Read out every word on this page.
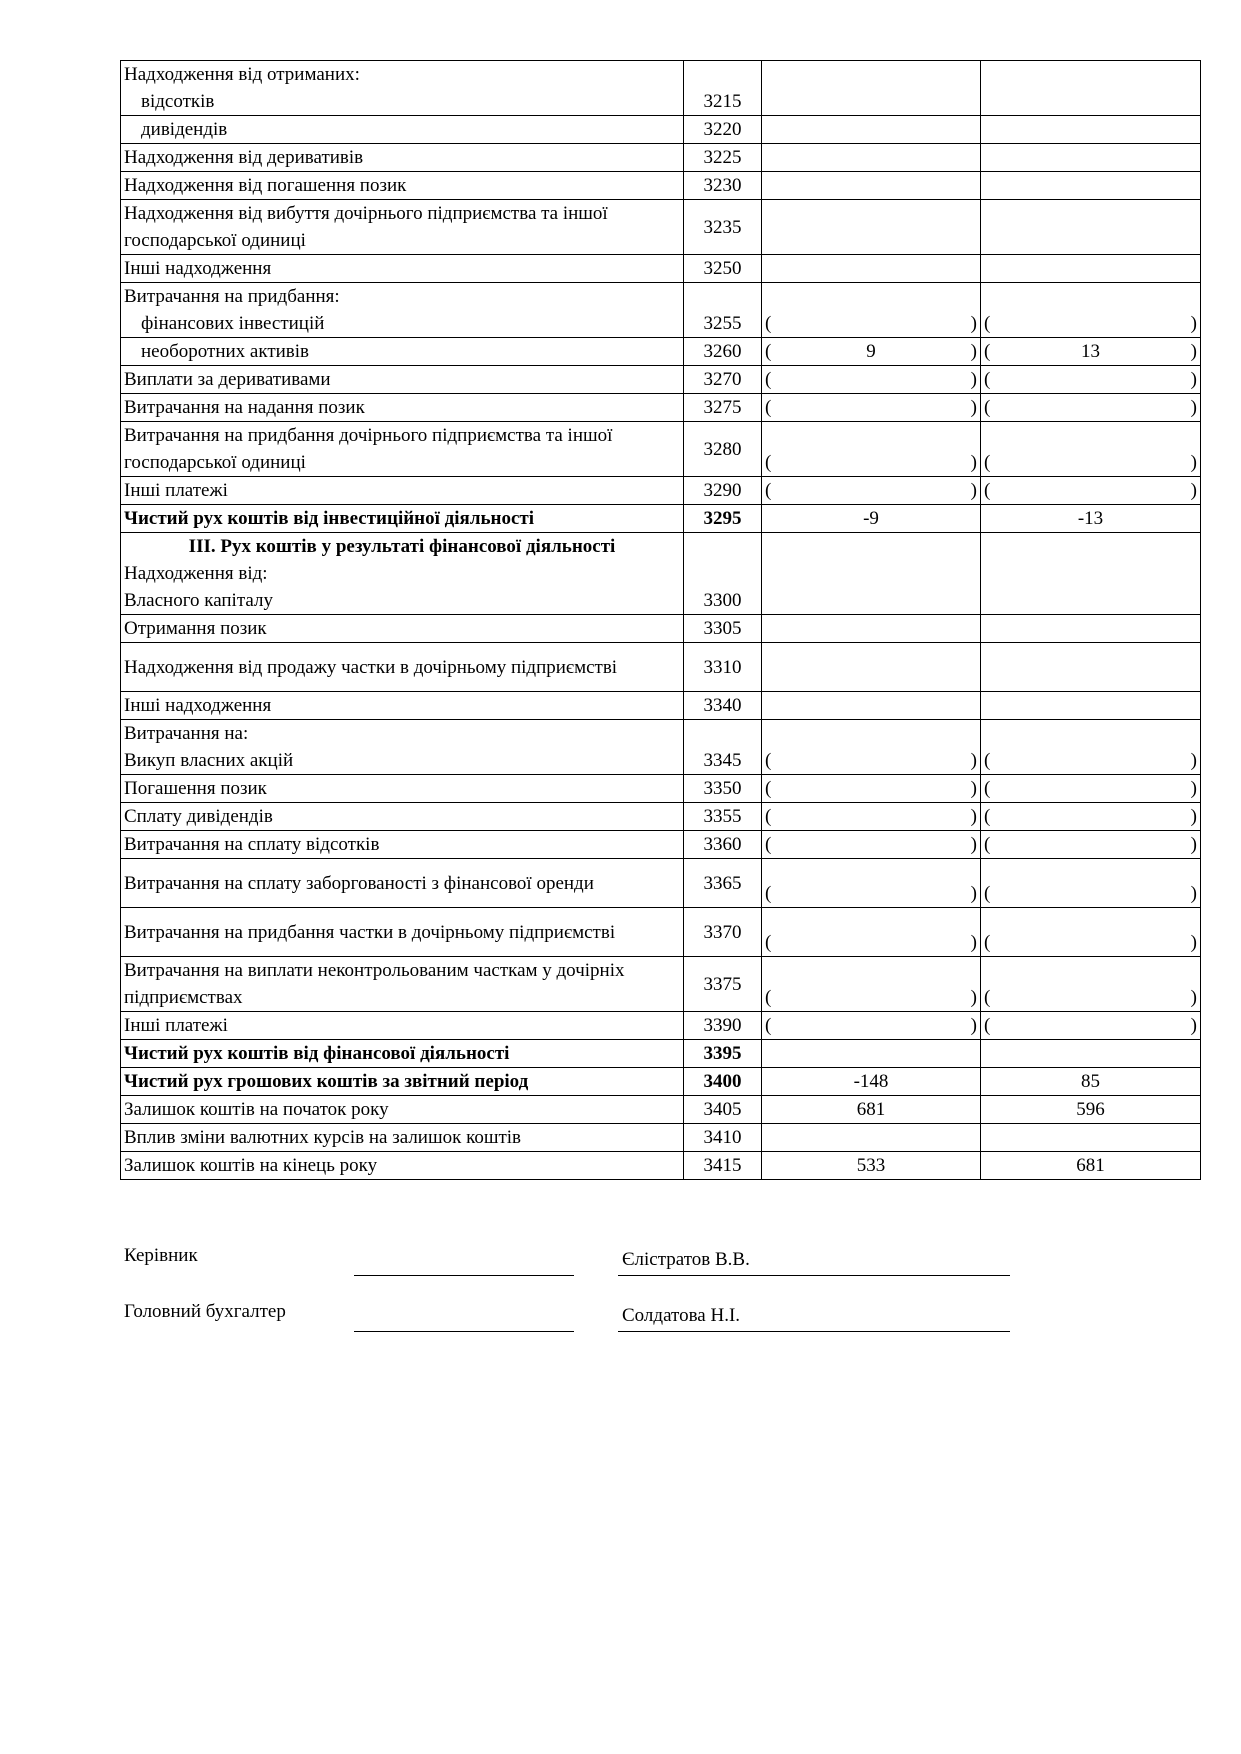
Надходження від отриманих:
відсотків	3215	

дивідендів	3220	

Надходження від деривативів	3225	

Надходження від погашення позик	3230	

Надходження від вибуття дочірнього підприємства та іншої
господарської одиниці	3235	

Інші надходження	3250	

Витрачання на придбання:
фінансових інвестицій	3255	( )	( )

необоротних активів	3260	( 9 )	( 13 )

Виплати за деривативами	3270	( )	( )

Витрачання на надання позик	3275	( )	( )

Витрачання на придбання дочірнього підприємства та іншої
господарської одиниці	3280	( )	( )

Інші платежі	3290	( )	( )

Чистий рух коштів від інвестиційної діяльності	3295	-9	-13

ІІІ. Рух коштів у результаті фінансової діяльності
Надходження від:
Власного капіталу	3300	

Отримання позик	3305	

Надходження від продажу частки в дочірньому підприємстві	3310	

Інші надходження	3340	

Витрачання на:
Викуп власних акцій	3345	( )	( )

Погашення позик	3350	( )	( )

Сплату дивідендів	3355	( )	( )

Витрачання на сплату відсотків	3360	( )	( )

Витрачання на сплату заборгованості з фінансової оренди	3365	( )	( )

Витрачання на придбання частки в дочірньому підприємстві	3370	( )	( )

Витрачання на виплати неконтрольованим часткам у дочірніх
підприємствах	3375	( )	( )

Інші платежі	3390	( )	( )

Чистий рух коштів від фінансової діяльності	3395	

Чистий рух грошових коштів за звітний період	3400	-148	85

Залишок коштів на початок року	3405	681	596

Вплив зміни валютних курсів на залишок коштів	3410	

Залишок коштів на кінець року	3415	533	681
Керівник	Єлістратов В.В.
Головний бухгалтер	Солдатова Н.І.
